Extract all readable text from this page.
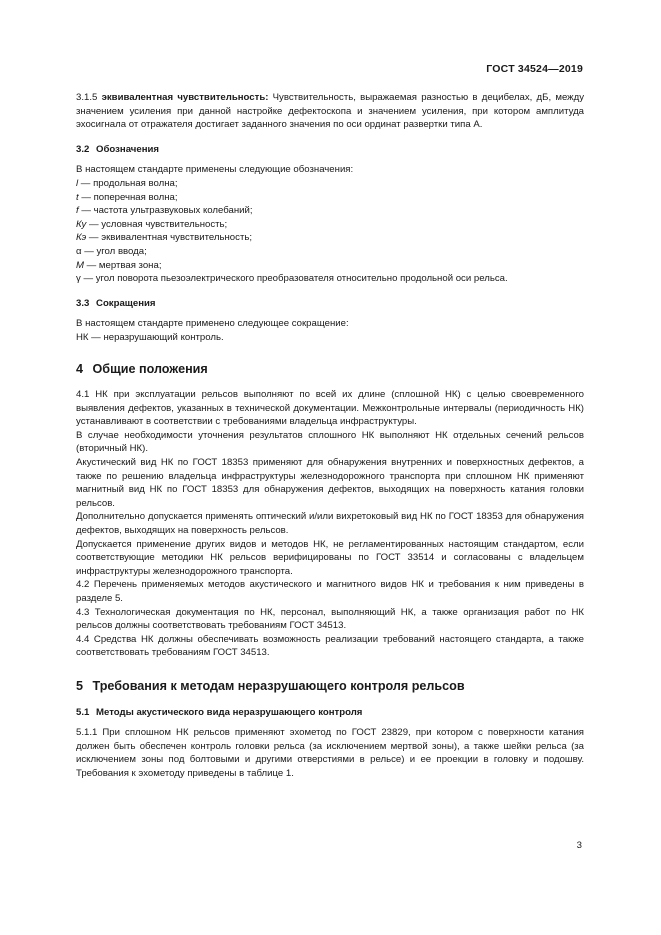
ГОСТ 34524—2019

3.1.5 эквивалентная чувствительность: Чувствительность, выражаемая разностью в децибелах, дБ, между значением усиления при данной настройке дефектоскопа и значением усиления, при котором амплитуда эхосигнала от отражателя достигает заданного значения по оси ординат развертки типа А.

3.2 Обозначения

В настоящем стандарте применены следующие обозначения:

l — продольная волна;

t — поперечная волна;

f — частота ультразвуковых колебаний;

Ку — условная чувствительность;

Кэ — эквивалентная чувствительность;

α — угол ввода;

М — мертвая зона;

γ — угол поворота пьезоэлектрического преобразователя относительно продольной оси рельса.

3.3 Сокращения

В настоящем стандарте применено следующее сокращение:

НК — неразрушающий контроль.

4 Общие положения

4.1 НК при эксплуатации рельсов выполняют по всей их длине (сплошной НК) с целью своевременного выявления дефектов, указанных в технической документации. Межконтрольные интервалы (периодичность НК) устанавливают в соответствии с требованиями владельца инфраструктуры.

В случае необходимости уточнения результатов сплошного НК выполняют НК отдельных сечений рельсов (вторичный НК).

Акустический вид НК по ГОСТ 18353 применяют для обнаружения внутренних и поверхностных дефектов, а также по решению владельца инфраструктуры железнодорожного транспорта при сплошном НК применяют магнитный вид НК по ГОСТ 18353 для обнаружения дефектов, выходящих на поверхность катания головки рельсов.

Дополнительно допускается применять оптический и/или вихретоковый вид НК по ГОСТ 18353 для обнаружения дефектов, выходящих на поверхность рельсов.

Допускается применение других видов и методов НК, не регламентированных настоящим стандартом, если соответствующие методики НК рельсов верифицированы по ГОСТ 33514 и согласованы с владельцем инфраструктуры железнодорожного транспорта.

4.2 Перечень применяемых методов акустического и магнитного видов НК и требования к ним приведены в разделе 5.

4.3 Технологическая документация по НК, персонал, выполняющий НК, а также организация работ по НК рельсов должны соответствовать требованиям ГОСТ 34513.

4.4 Средства НК должны обеспечивать возможность реализации требований настоящего стандарта, а также соответствовать требованиям ГОСТ 34513.

5 Требования к методам неразрушающего контроля рельсов
5.1 Методы акустического вида неразрушающего контроля

5.1.1 При сплошном НК рельсов применяют эхометод по ГОСТ 23829, при котором с поверхности катания должен быть обеспечен контроль головки рельса (за исключением мертвой зоны), а также шейки рельса (за исключением зоны под болтовыми и другими отверстиями в рельсе) и ее проекции в головку и подошву. Требования к эхометоду приведены в таблице 1.

3
